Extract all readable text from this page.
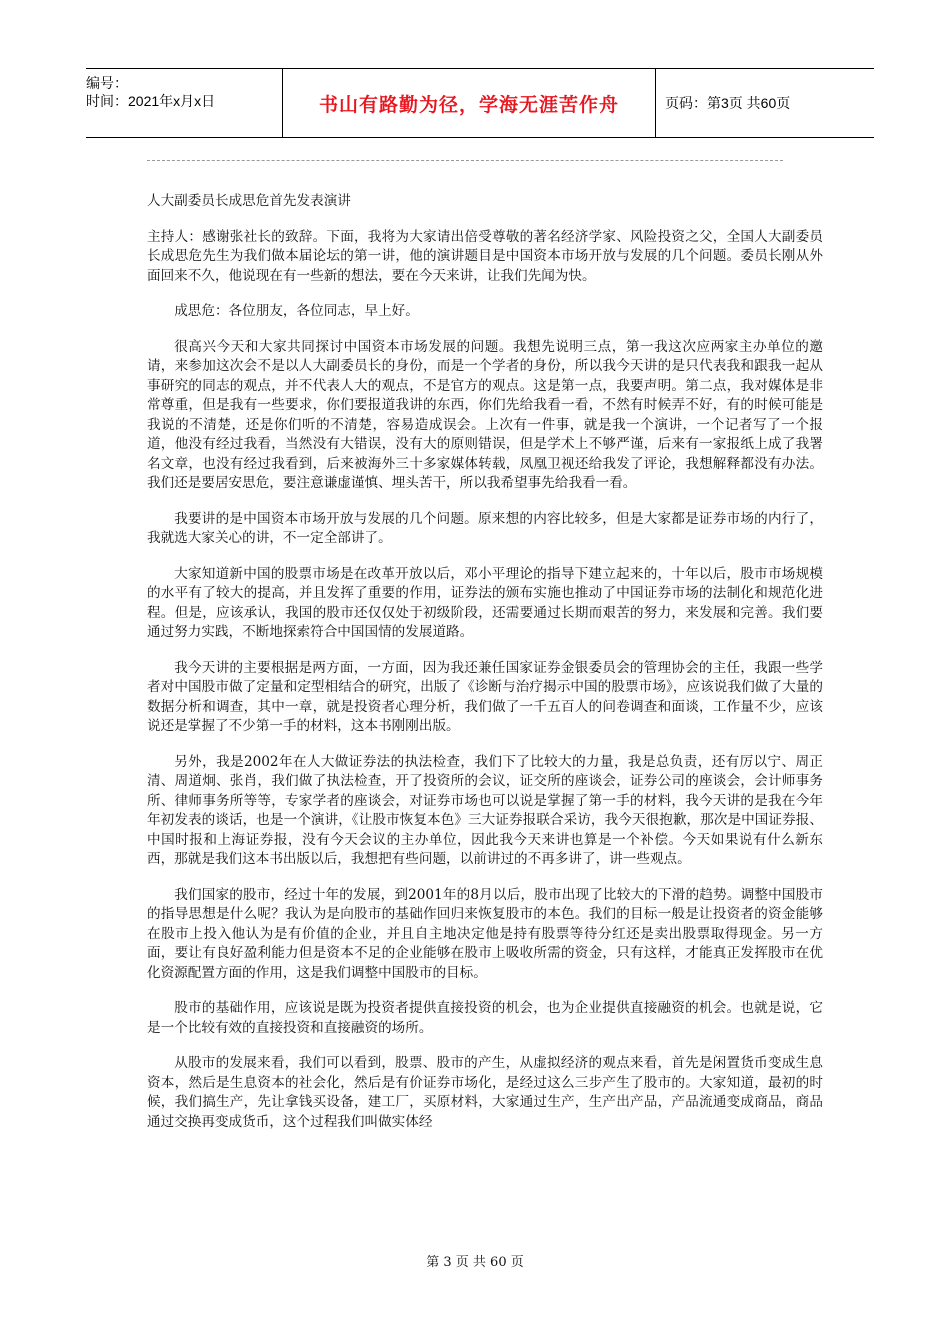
编号：
时间：2021年x月x日	书山有路勤为径，学海无涯苦作舟	页码：第3页 共60页

人大副委员长成思危首先发表演讲

主持人：感谢张社长的致辞。下面，我将为大家请出倍受尊敬的著名经济学家、风险投资之父，全国人大副委员长成思危先生为我们做本届论坛的第一讲，他的演讲题目是中国资本市场开放与发展的几个问题。委员长刚从外面回来不久，他说现在有一些新的想法，要在今天来讲，让我们先闻为快。

成思危：各位朋友，各位同志，早上好。

很高兴今天和大家共同探讨中国资本市场发展的问题。我想先说明三点，第一我这次应两家主办单位的邀请，来参加这次会不是以人大副委员长的身份，而是一个学者的身份，所以我今天讲的是只代表我和跟我一起从事研究的同志的观点，并不代表人大的观点，不是官方的观点。这是第一点，我要声明。第二点，我对媒体是非常尊重，但是我有一些要求，你们要报道我讲的东西，你们先给我看一看，不然有时候弄不好，有的时候可能是我说的不清楚，还是你们听的不清楚，容易造成误会。上次有一件事，就是我一个演讲，一个记者写了一个报道，他没有经过我看，当然没有大错误，没有大的原则错误，但是学术上不够严谨，后来有一家报纸上成了我署名文章，也没有经过我看到，后来被海外三十多家媒体转载，凤凰卫视还给我发了评论，我想解释都没有办法。我们还是要居安思危，要注意谦虚谨慎、埋头苦干，所以我希望事先给我看一看。

我要讲的是中国资本市场开放与发展的几个问题。原来想的内容比较多，但是大家都是证券市场的内行了，我就选大家关心的讲，不一定全部讲了。

大家知道新中国的股票市场是在改革开放以后，邓小平理论的指导下建立起来的，十年以后，股市市场规模的水平有了较大的提高，并且发挥了重要的作用，证券法的颁布实施也推动了中国证券市场的法制化和规范化进程。但是，应该承认，我国的股市还仅仅处于初级阶段，还需要通过长期而艰苦的努力，来发展和完善。我们要通过努力实践，不断地探索符合中国国情的发展道路。

我今天讲的主要根据是两方面，一方面，因为我还兼任国家证券金银委员会的管理协会的主任，我跟一些学者对中国股市做了定量和定型相结合的研究，出版了《诊断与治疗揭示中国的股票市场》，应该说我们做了大量的数据分析和调查，其中一章，就是投资者心理分析，我们做了一千五百人的问卷调查和面谈，工作量不少，应该说还是掌握了不少第一手的材料，这本书刚刚出版。

另外，我是2002年在人大做证券法的执法检查，我们下了比较大的力量，我是总负责，还有厉以宁、周正清、周道炯、张肖，我们做了执法检查，开了投资所的会议，证交所的座谈会，证券公司的座谈会，会计师事务所、律师事务所等等，专家学者的座谈会，对证券市场也可以说是掌握了第一手的材料，我今天讲的是我在今年年初发表的谈话，也是一个演讲，《让股市恢复本色》三大证券报联合采访，我今天很抱歉，那次是中国证券报、中国时报和上海证券报，没有今天会议的主办单位，因此我今天来讲也算是一个补偿。今天如果说有什么新东西，那就是我们这本书出版以后，我想把有些问题，以前讲过的不再多讲了，讲一些观点。

我们国家的股市，经过十年的发展，到2001年的8月以后，股市出现了比较大的下滑的趋势。调整中国股市的指导思想是什么呢？我认为是向股市的基础作回归来恢复股市的本色。我们的目标一般是让投资者的资金能够在股市上投入他认为是有价值的企业，并且自主地决定他是持有股票等待分红还是卖出股票取得现金。另一方面，要让有良好盈利能力但是资本不足的企业能够在股市上吸收所需的资金，只有这样，才能真正发挥股市在优化资源配置方面的作用，这是我们调整中国股市的目标。

股市的基础作用，应该说是既为投资者提供直接投资的机会，也为企业提供直接融资的机会。也就是说，它是一个比较有效的直接投资和直接融资的场所。

从股市的发展来看，我们可以看到，股票、股市的产生，从虚拟经济的观点来看，首先是闲置货币变成生息资本，然后是生息资本的社会化，然后是有价证券市场化，是经过这么三步产生了股市的。大家知道，最初的时候，我们搞生产，先让拿钱买设备，建工厂，买原材料，大家通过生产，生产出产品，产品流通变成商品，商品通过交换再变成货币，这个过程我们叫做实体经

第 3 页 共 60 页
